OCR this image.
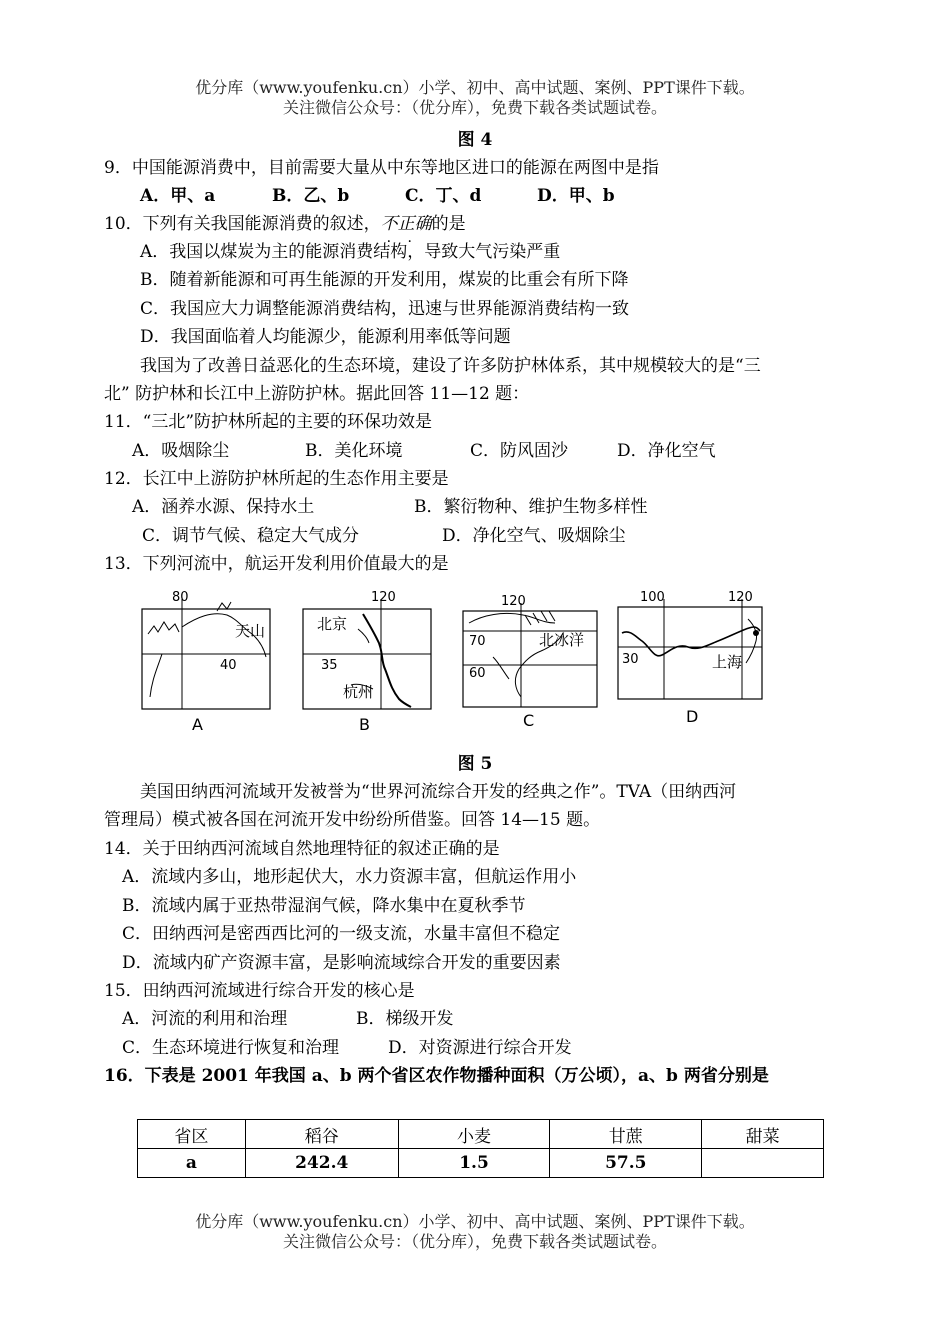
优分库（www.youfenku.cn）小学、初中、高中试题、案例、PPT课件下载。
关注微信公众号：（优分库），免费下载各类试题试卷。
图 4
9．中国能源消费中，目前需要大量从中东等地区进口的能源在两图中是指
A．甲、a	B．乙、b	C．丁、d	D．甲、b
10．下列有关我国能源消费的叙述，不正确 · ·的是
A．我国以煤炭为主的能源消费结构，导致大气污染严重
B．随着新能源和可再生能源的开发利用，煤炭的比重会有所下降
C．我国应大力调整能源消费结构，迅速与世界能源消费结构一致
D．我国面临着人均能源少，能源利用率低等问题
我国为了改善日益恶化的生态环境，建设了许多防护林体系，其中规模较大的是“三
北” 防护林和长江中上游防护林。据此回答 11—12 题：
11．“三北”防护林所起的主要的环保功效是
A．吸烟除尘	B．美化环境	C．防风固沙	D．净化空气
12．长江中上游防护林所起的生态作用主要是
A．涵养水源、保持水土	B．繁衍物种、维护生物多样性
C．调节气候、稳定大气成分	D．净化空气、吸烟除尘
13．下列河流中，航运开发利用价值最大的是
80
40
天山
A
120
35
北京
杭州
B
120
70
60
北冰洋
C
100	120
30	上海
D
图 5
美国田纳西河流域开发被誉为“世界河流综合开发的经典之作”。TVA（田纳西河
管理局）模式被各国在河流开发中纷纷所借鉴。回答 14—15 题。
14．关于田纳西河流域自然地理特征的叙述正确的是
A．流域内多山，地形起伏大，水力资源丰富，但航运作用小
B．流域内属于亚热带湿润气候，降水集中在夏秋季节
C．田纳西河是密西西比河的一级支流，水量丰富但不稳定
D．流域内矿产资源丰富，是影响流域综合开发的重要因素
15．田纳西河流域进行综合开发的核心是
A．河流的利用和治理	B．梯级开发
C．生态环境进行恢复和治理	D．对资源进行综合开发
16．下表是 2001 年我国 a、b 两个省区农作物播种面积（万公顷），a、b 两省分别是
省区	稻谷	小麦	甘蔗	甜菜
a	242.4	1.5	57.5	
优分库（www.youfenku.cn）小学、初中、高中试题、案例、PPT课件下载。
关注微信公众号：（优分库），免费下载各类试题试卷。
